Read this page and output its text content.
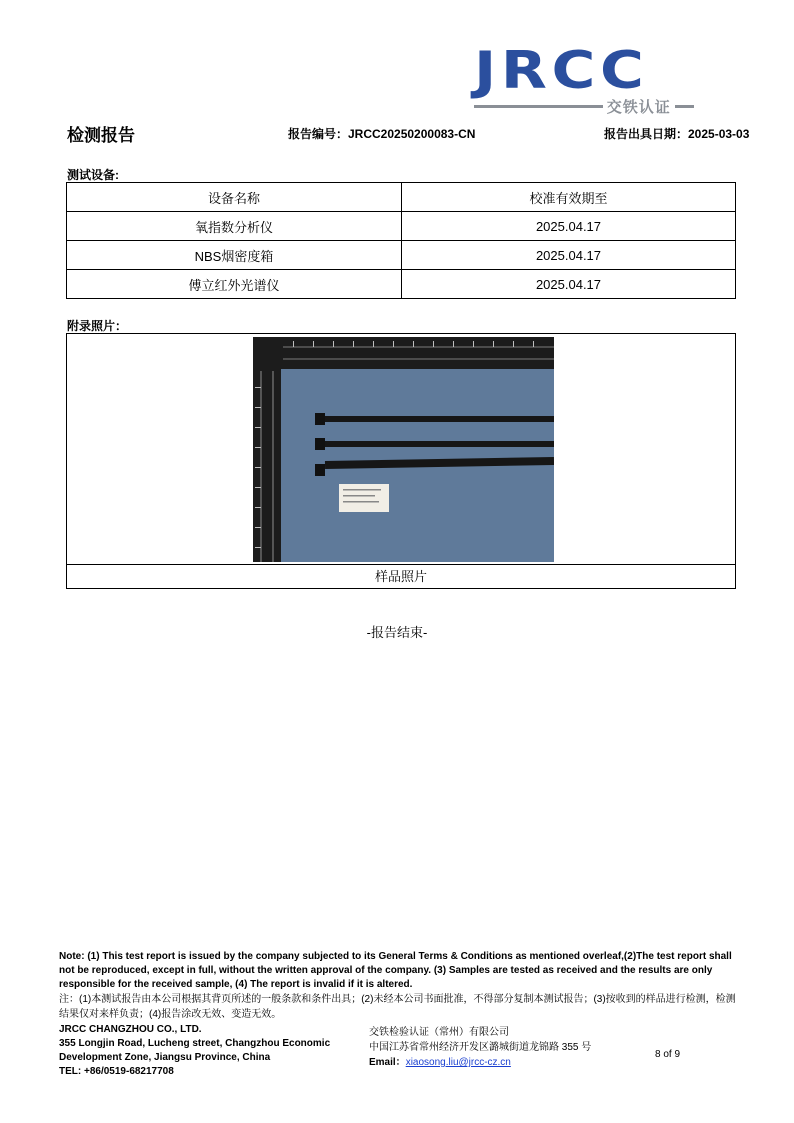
JRCC
交铁认证
检测报告	报告编号：JRCC20250200083-CN	报告出具日期：2025-03-03
测试设备:
设备名称	校准有效期至
氧指数分析仪	2025.04.17
NBS烟密度箱	2025.04.17
傅立红外光谱仪	2025.04.17
附录照片：
样品照片
-报告结束-
Note: (1) This test report is issued by the company subjected to its General Terms & Conditions as mentioned overleaf,(2)The test report shall not be reproduced, except in full, without the written approval of the company. (3) Samples are tested as received and the results are only responsible for the received sample, (4) The report is invalid if it is altered.
注：(1)本测试报告由本公司根据其背页所述的一般条款和条件出具；(2)未经本公司书面批准，不得部分复制本测试报告；(3)按收到的样品进行检测，检测结果仅对来样负责；(4)报告涂改无效、变造无效。
JRCC CHANGZHOU CO., LTD.
355 Longjin Road, Lucheng street, Changzhou Economic Development Zone, Jiangsu Province, China
TEL: +86/0519-68217708
交铁检验认证（常州）有限公司
中国江苏省常州经济开发区潞城街道龙锦路 355 号
Email：xiaosong.liu@jrcc-cz.cn
8 of 9
